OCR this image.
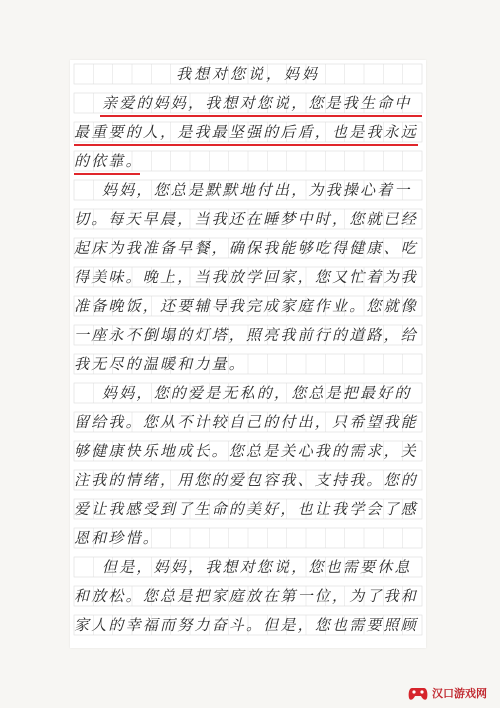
我想对您说，妈妈
亲爱的妈妈，我想对您说，您是我生命中
最重要的人，是我最坚强的后盾，也是我永远
的依靠。
妈妈，您总是默默地付出，为我操心着一
切。每天早晨，当我还在睡梦中时，您就已经
起床为我准备早餐，确保我能够吃得健康、吃
得美味。晚上，当我放学回家，您又忙着为我
准备晚饭，还要辅导我完成家庭作业。您就像
一座永不倒塌的灯塔，照亮我前行的道路，给
我无尽的温暖和力量。
妈妈，您的爱是无私的，您总是把最好的
留给我。您从不计较自己的付出，只希望我能
够健康快乐地成长。您总是关心我的需求，关
注我的情绪，用您的爱包容我、支持我。您的
爱让我感受到了生命的美好，也让我学会了感
恩和珍惜。
但是，妈妈，我想对您说，您也需要休息
和放松。您总是把家庭放在第一位，为了我和
家人的幸福而努力奋斗。但是，您也需要照顾
汉口游戏网
